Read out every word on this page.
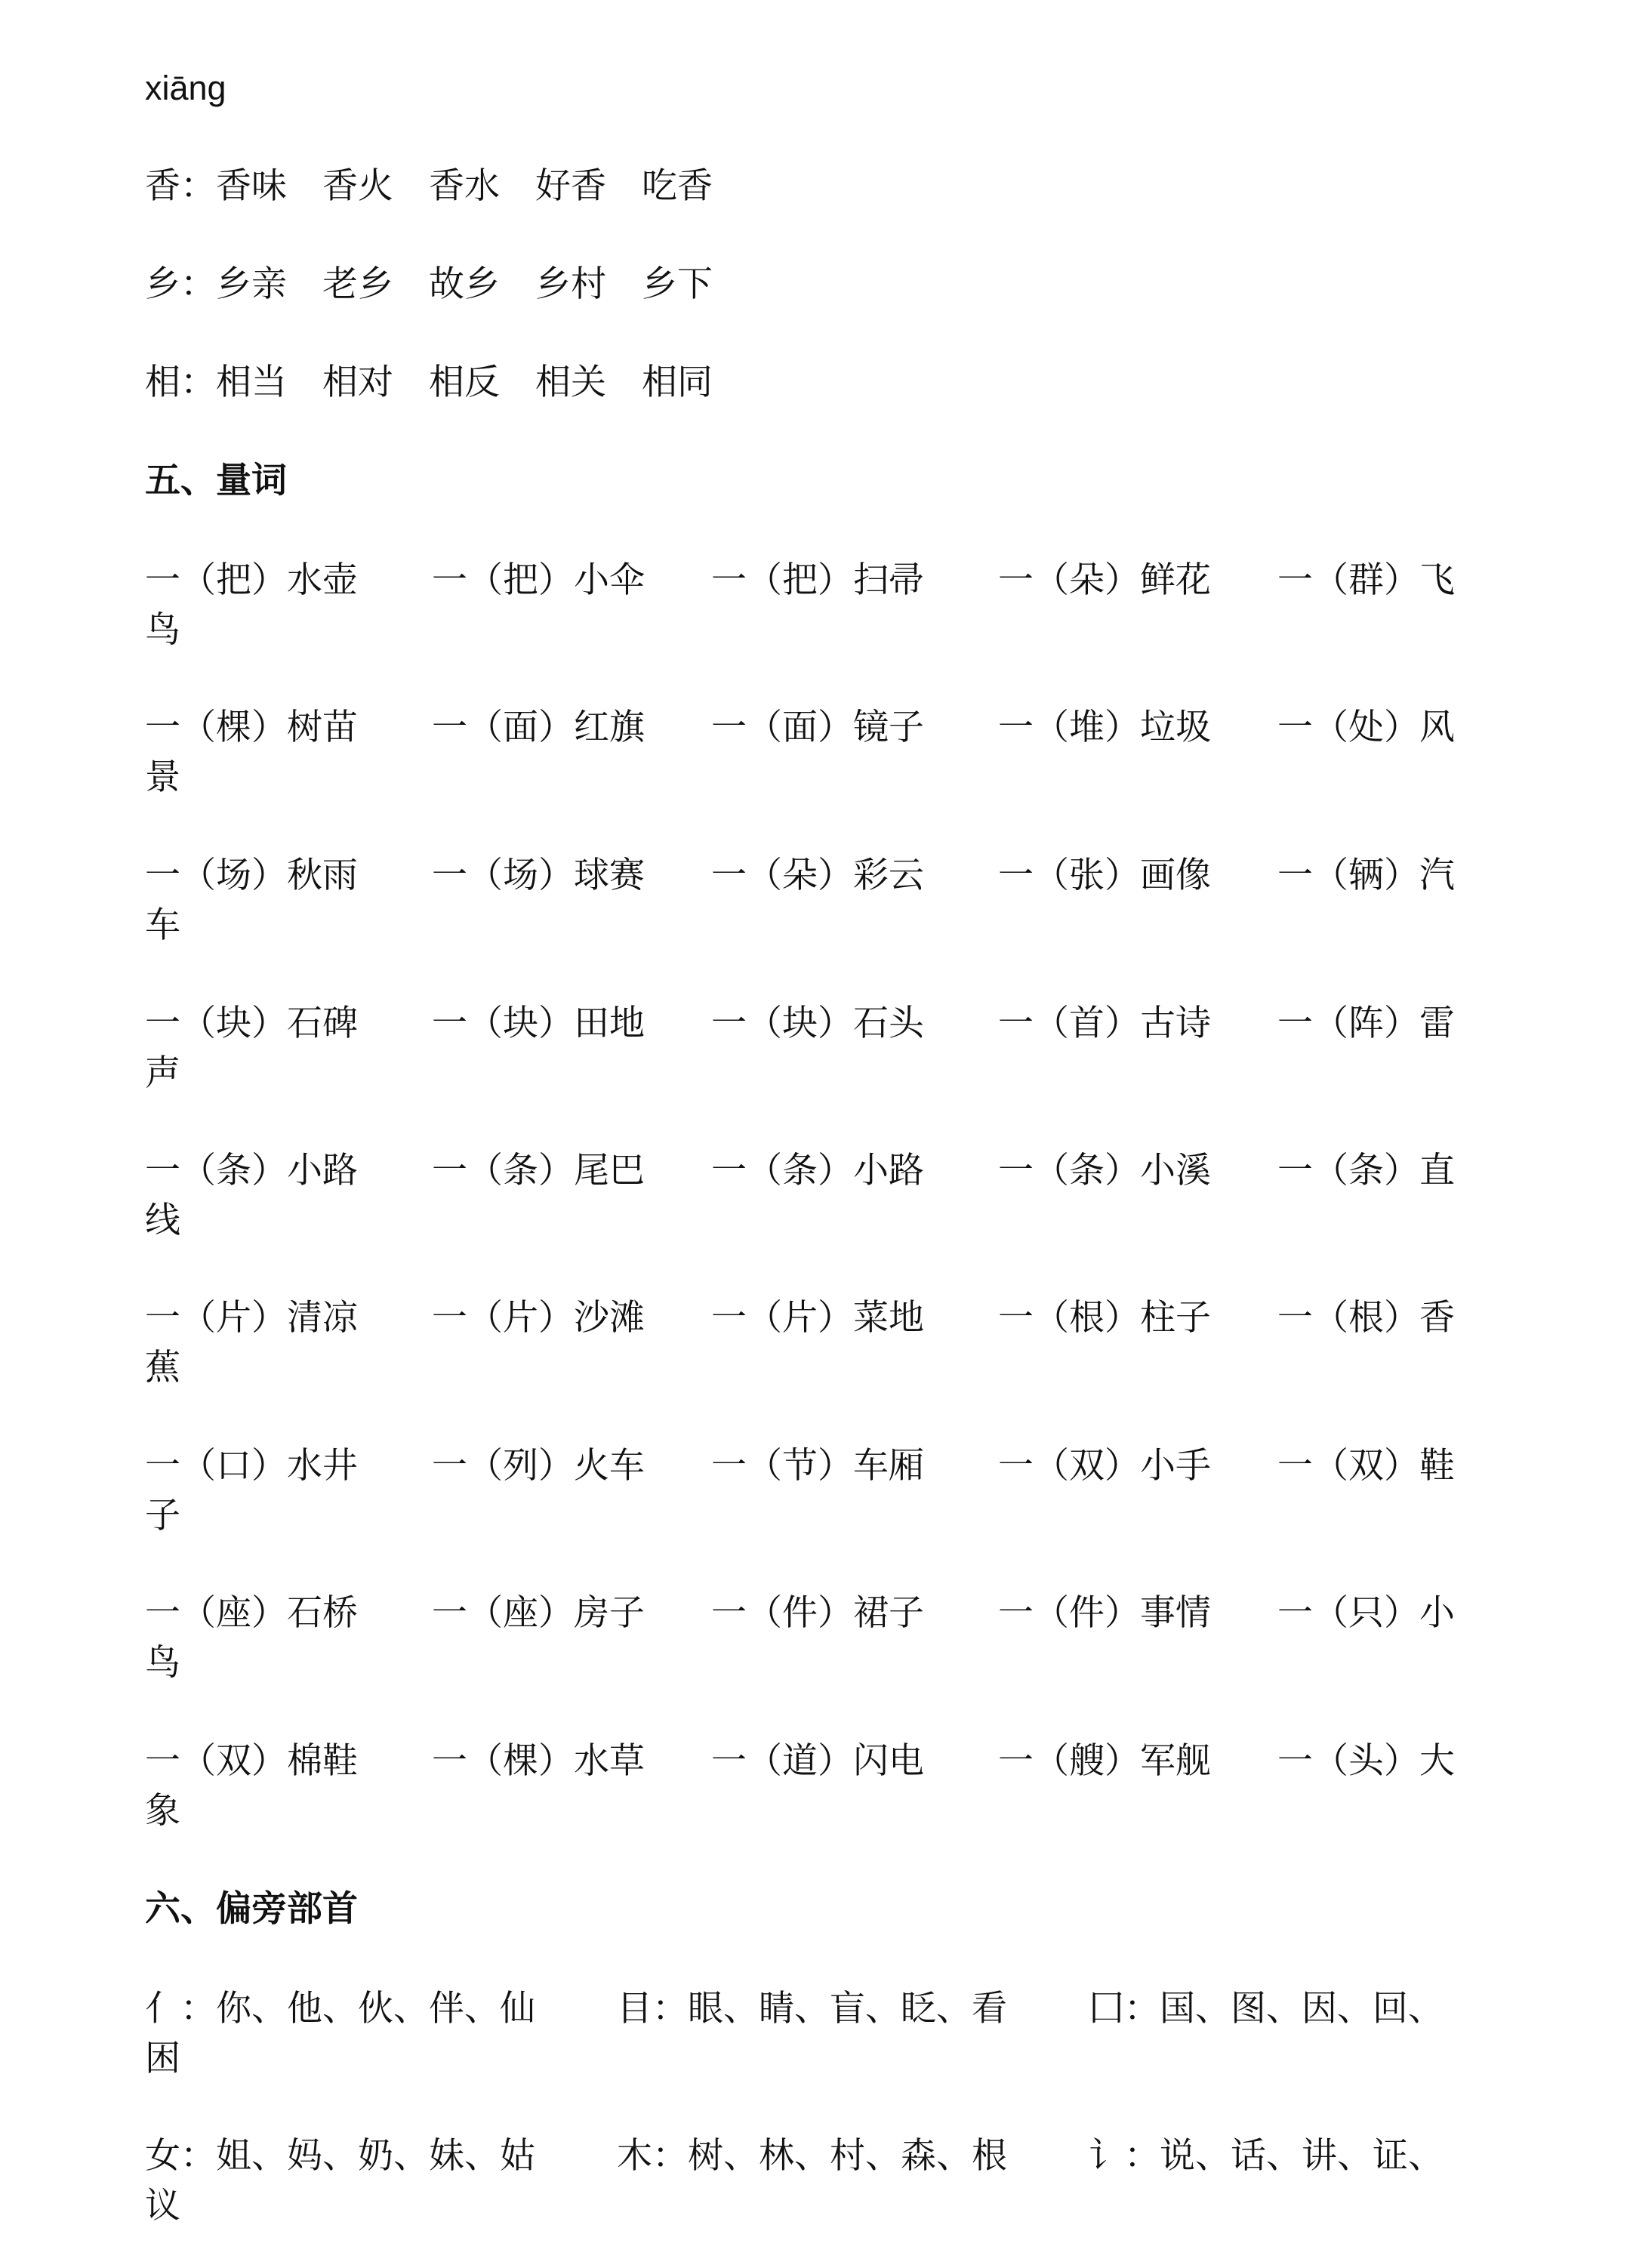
xiāng
香：香味　 香火　 香水　 好香　 吃香
乡：乡亲　 老乡　 故乡　 乡村　 乡下
相：相当　 相对　 相反　 相关　 相同
五、量词
一（把）水壶 一（把）小伞 一（把）扫帚 一（朵）鲜花 一（群）飞鸟
一（棵）树苗 一（面）红旗 一（面）镜子 一（堆）垃圾 一（处）风景
一（场）秋雨 一（场）球赛 一（朵）彩云 一（张）画像 一（辆）汽车
一（块）石碑 一（块）田地 一（块）石头 一（首）古诗 一（阵）雷声
一（条）小路 一（条）尾巴 一（条）小路 一（条）小溪 一（条）直线
一（片）清凉 一（片）沙滩 一（片）菜地 一（根）柱子 一（根）香蕉
一（口）水井 一（列）火车 一（节）车厢 一（双）小手 一（双）鞋子
一（座）石桥 一（座）房子 一（件）裙子 一（件）事情 一（只）小鸟
一（双）棉鞋 一（棵）水草 一（道）闪电 一（艘）军舰 一（头）大象
六、偏旁部首
亻：你、他、伙、伴、仙 目：眼、睛、盲、眨、看 囗：国、图、因、回、困
女：姐、妈、奶、妹、姑 木：树、林、村、森、根 讠：说、话、讲、证、议
